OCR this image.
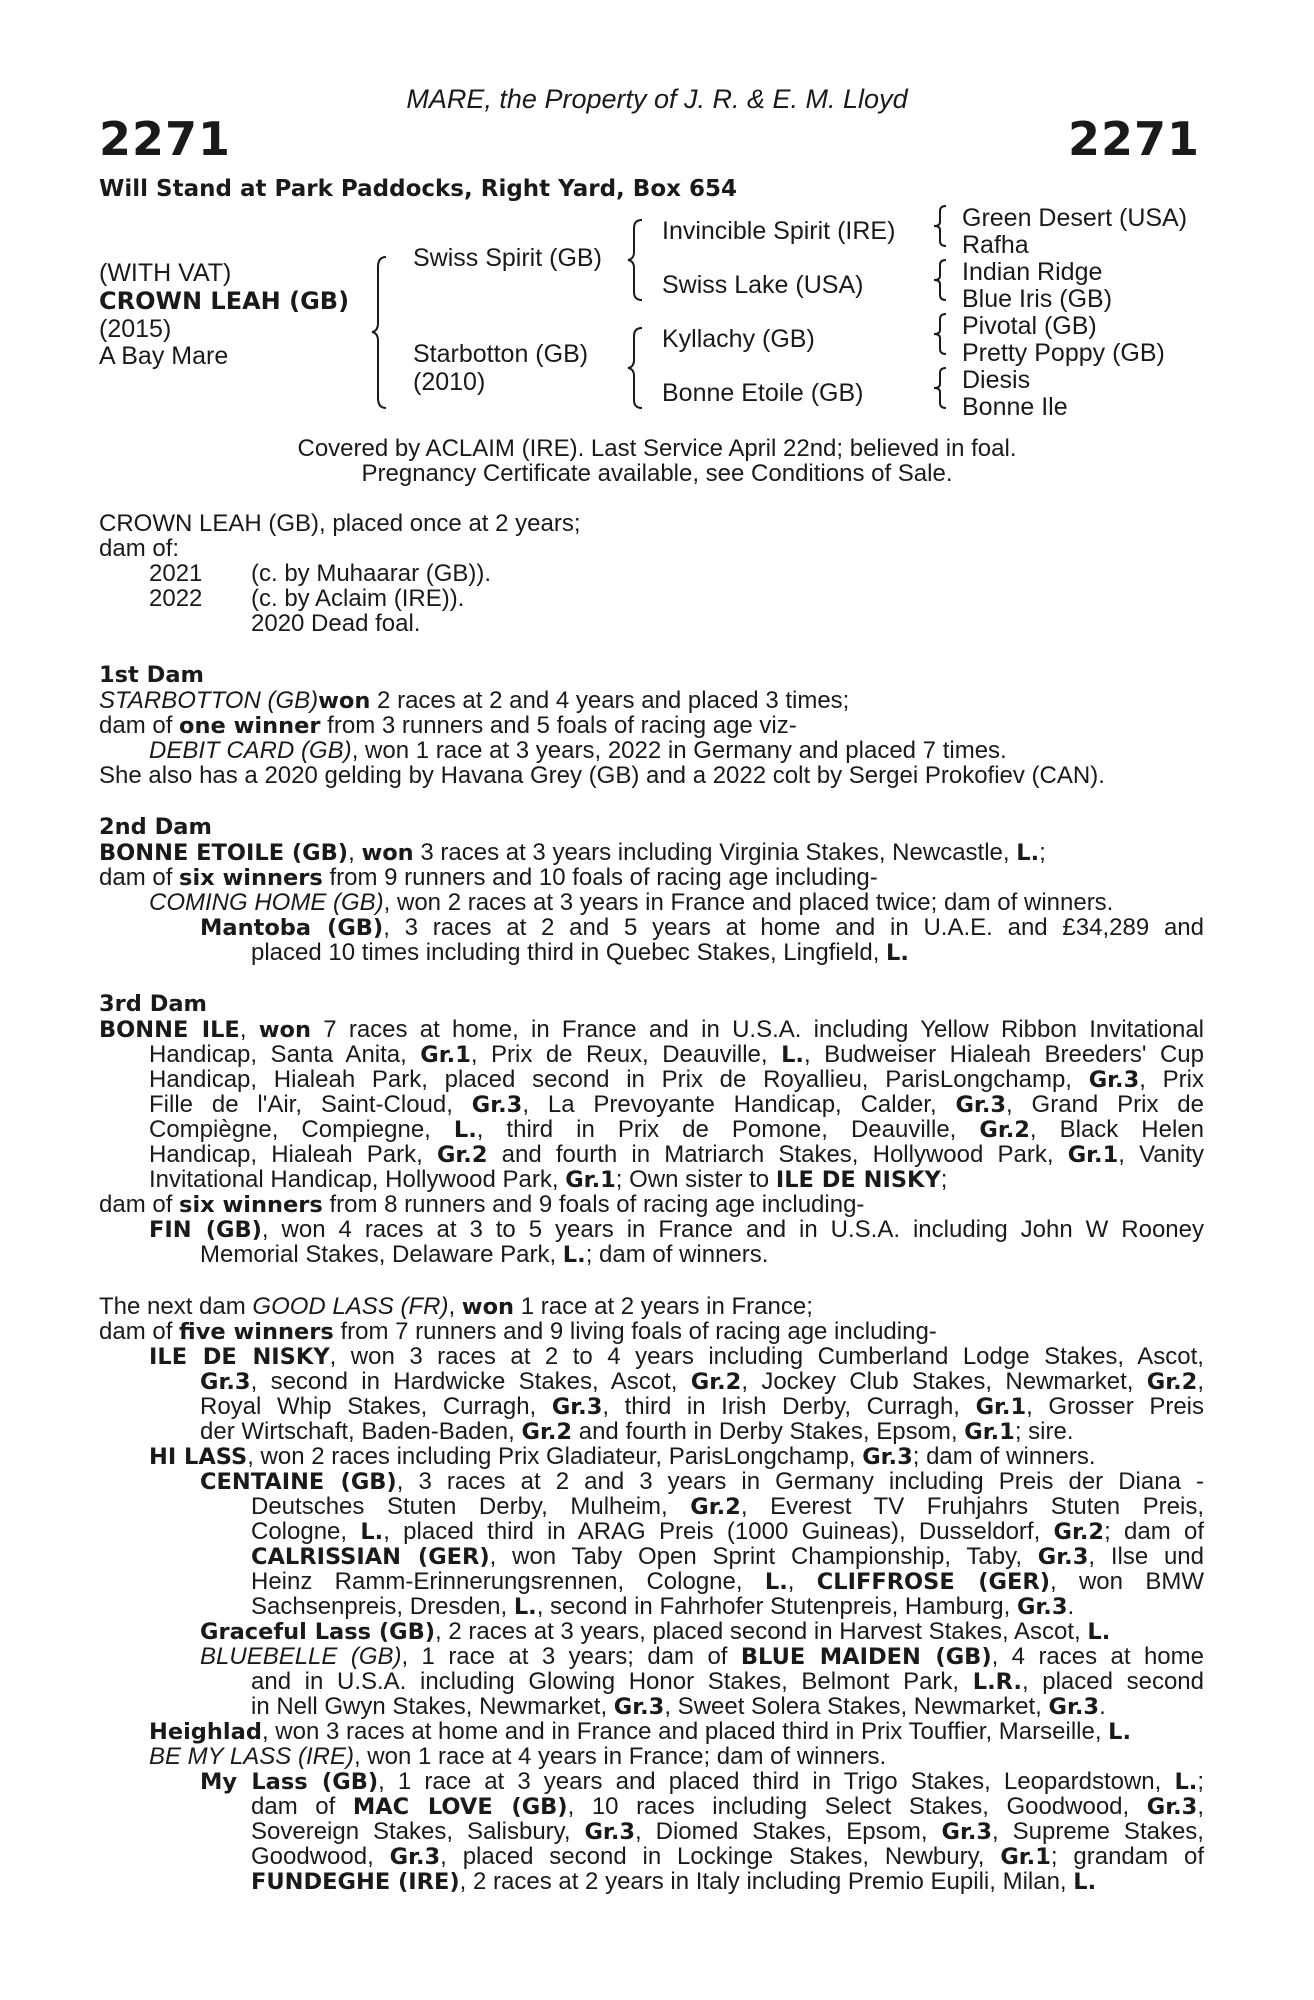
MARE, the Property of J. R. & E. M. Lloyd
2271	2271
Will Stand at Park Paddocks, Right Yard, Box 654
(WITH VAT)
CROWN LEAH (GB)
(2015)
A Bay Mare
Swiss Spirit (GB)
Starbotton (GB)
(2010)
Invincible Spirit (IRE)
Swiss Lake (USA)
Kyllachy (GB)
Bonne Etoile (GB)
Green Desert (USA)
Rafha
Indian Ridge
Blue Iris (GB)
Pivotal (GB)
Pretty Poppy (GB)
Diesis
Bonne Ile
Covered by ACLAIM (IRE). Last Service April 22nd; believed in foal.
Pregnancy Certificate available, see Conditions of Sale.
CROWN LEAH (GB), placed once at 2 years;
dam of:
2021	(c. by Muhaarar (GB)).
2022	(c. by Aclaim (IRE)).
2020 Dead foal.
1st Dam
STARBOTTON (GB)won 2 races at 2 and 4 years and placed 3 times;
dam of one winner from 3 runners and 5 foals of racing age viz-
DEBIT CARD (GB), won 1 race at 3 years, 2022 in Germany and placed 7 times.
She also has a 2020 gelding by Havana Grey (GB) and a 2022 colt by Sergei Prokofiev (CAN).
2nd Dam
BONNE ETOILE (GB), won 3 races at 3 years including Virginia Stakes, Newcastle, L.;
dam of six winners from 9 runners and 10 foals of racing age including-
COMING HOME (GB), won 2 races at 3 years in France and placed twice; dam of winners.
Mantoba (GB), 3 races at 2 and 5 years at home and in U.A.E. and £34,289 and
placed 10 times including third in Quebec Stakes, Lingfield, L.
3rd Dam
BONNE ILE, won 7 races at home, in France and in U.S.A. including Yellow Ribbon Invitational
Handicap, Santa Anita, Gr.1, Prix de Reux, Deauville, L., Budweiser Hialeah Breeders' Cup
Handicap, Hialeah Park, placed second in Prix de Royallieu, ParisLongchamp, Gr.3, Prix
Fille de l'Air, Saint-Cloud, Gr.3, La Prevoyante Handicap, Calder, Gr.3, Grand Prix de
Compiègne, Compiegne, L., third in Prix de Pomone, Deauville, Gr.2, Black Helen
Handicap, Hialeah Park, Gr.2 and fourth in Matriarch Stakes, Hollywood Park, Gr.1, Vanity
Invitational Handicap, Hollywood Park, Gr.1; Own sister to ILE DE NISKY;
dam of six winners from 8 runners and 9 foals of racing age including-
FIN (GB), won 4 races at 3 to 5 years in France and in U.S.A. including John W Rooney
Memorial Stakes, Delaware Park, L.; dam of winners.
The next dam GOOD LASS (FR), won 1 race at 2 years in France;
dam of five winners from 7 runners and 9 living foals of racing age including-
ILE DE NISKY, won 3 races at 2 to 4 years including Cumberland Lodge Stakes, Ascot,
Gr.3, second in Hardwicke Stakes, Ascot, Gr.2, Jockey Club Stakes, Newmarket, Gr.2,
Royal Whip Stakes, Curragh, Gr.3, third in Irish Derby, Curragh, Gr.1, Grosser Preis
der Wirtschaft, Baden-Baden, Gr.2 and fourth in Derby Stakes, Epsom, Gr.1; sire.
HI LASS, won 2 races including Prix Gladiateur, ParisLongchamp, Gr.3; dam of winners.
CENTAINE (GB), 3 races at 2 and 3 years in Germany including Preis der Diana -
Deutsches Stuten Derby, Mulheim, Gr.2, Everest TV Fruhjahrs Stuten Preis,
Cologne, L., placed third in ARAG Preis (1000 Guineas), Dusseldorf, Gr.2; dam of
CALRISSIAN (GER), won Taby Open Sprint Championship, Taby, Gr.3, Ilse und
Heinz Ramm-Erinnerungsrennen, Cologne, L., CLIFFROSE (GER), won BMW
Sachsenpreis, Dresden, L., second in Fahrhofer Stutenpreis, Hamburg, Gr.3.
Graceful Lass (GB), 2 races at 3 years, placed second in Harvest Stakes, Ascot, L.
BLUEBELLE (GB), 1 race at 3 years; dam of BLUE MAIDEN (GB), 4 races at home
and in U.S.A. including Glowing Honor Stakes, Belmont Park, L.R., placed second
in Nell Gwyn Stakes, Newmarket, Gr.3, Sweet Solera Stakes, Newmarket, Gr.3.
Heighlad, won 3 races at home and in France and placed third in Prix Touffier, Marseille, L.
BE MY LASS (IRE), won 1 race at 4 years in France; dam of winners.
My Lass (GB), 1 race at 3 years and placed third in Trigo Stakes, Leopardstown, L.;
dam of MAC LOVE (GB), 10 races including Select Stakes, Goodwood, Gr.3,
Sovereign Stakes, Salisbury, Gr.3, Diomed Stakes, Epsom, Gr.3, Supreme Stakes,
Goodwood, Gr.3, placed second in Lockinge Stakes, Newbury, Gr.1; grandam of
FUNDEGHE (IRE), 2 races at 2 years in Italy including Premio Eupili, Milan, L.
